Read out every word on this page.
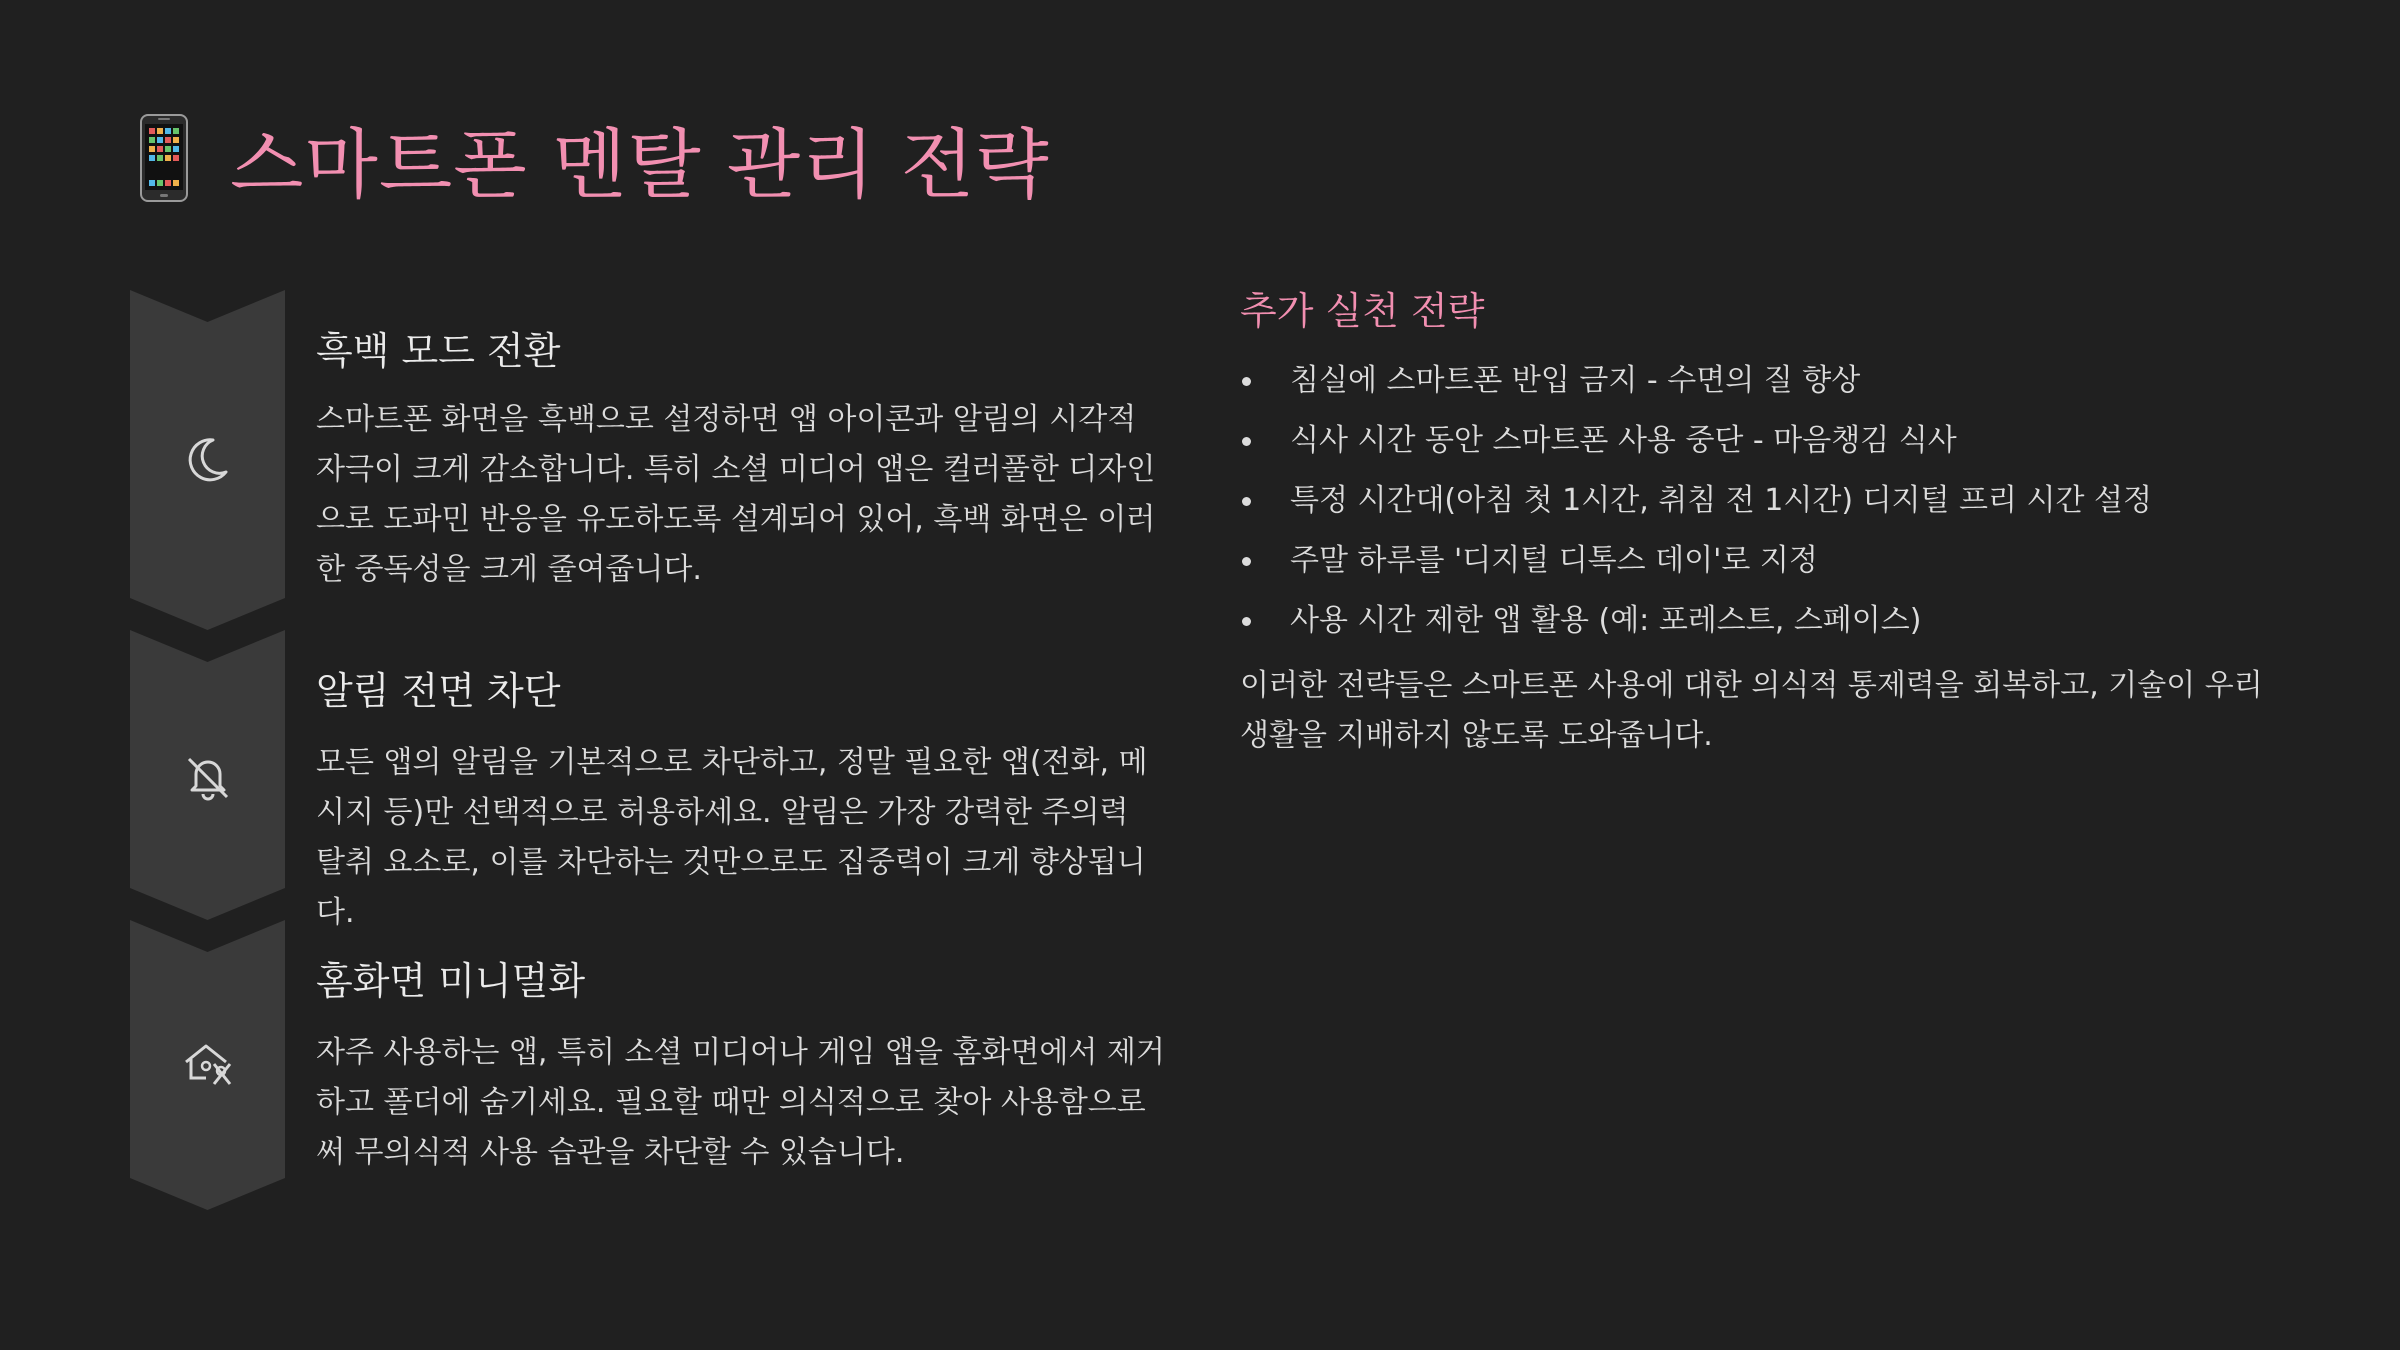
스마트폰 멘탈 관리 전략
흑백 모드 전환
스마트폰 화면을 흑백으로 설정하면 앱 아이콘과 알림의 시각적 자극이 크게 감소합니다. 특히 소셜 미디어 앱은 컬러풀한 디자인으로 도파민 반응을 유도하도록 설계되어 있어, 흑백 화면은 이러한 중독성을 크게 줄여줍니다.
알림 전면 차단
모든 앱의 알림을 기본적으로 차단하고, 정말 필요한 앱(전화, 메시지 등)만 선택적으로 허용하세요. 알림은 가장 강력한 주의력 탈취 요소로, 이를 차단하는 것만으로도 집중력이 크게 향상됩니다.
홈화면 미니멀화
자주 사용하는 앱, 특히 소셜 미디어나 게임 앱을 홈화면에서 제거하고 폴더에 숨기세요. 필요할 때만 의식적으로 찾아 사용함으로써 무의식적 사용 습관을 차단할 수 있습니다.
추가 실천 전략
침실에 스마트폰 반입 금지 - 수면의 질 향상
식사 시간 동안 스마트폰 사용 중단 - 마음챙김 식사
특정 시간대(아침 첫 1시간, 취침 전 1시간) 디지털 프리 시간 설정
주말 하루를 '디지털 디톡스 데이'로 지정
사용 시간 제한 앱 활용 (예: 포레스트, 스페이스)
이러한 전략들은 스마트폰 사용에 대한 의식적 통제력을 회복하고, 기술이 우리 생활을 지배하지 않도록 도와줍니다.
